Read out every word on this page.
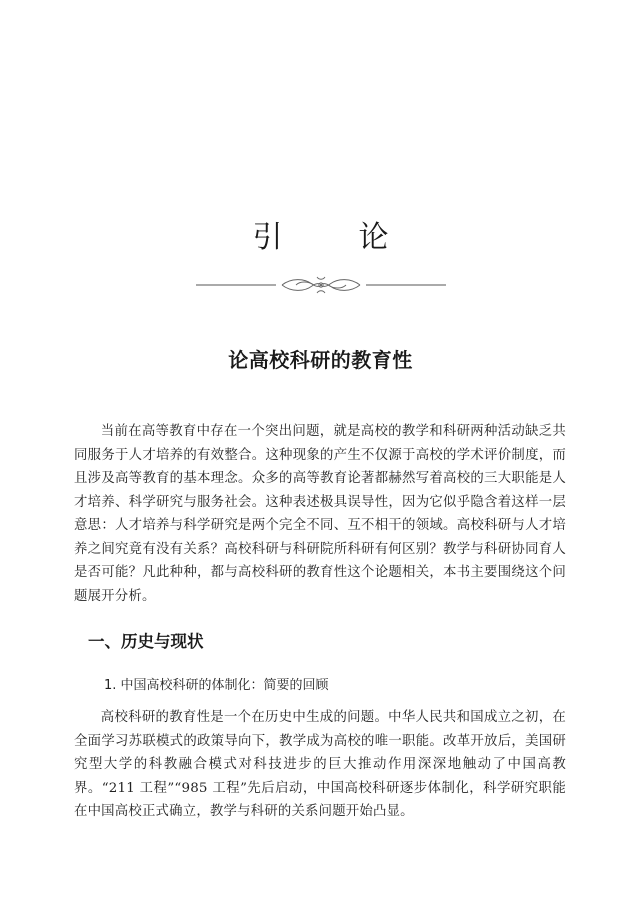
引	论
论高校科研的教育性

当前在高等教育中存在一个突出问题，就是高校的教学和科研两种活动缺乏共同服务于人才培养的有效整合。这种现象的产生不仅源于高校的学术评价制度，而且涉及高等教育的基本理念。众多的高等教育论著都赫然写着高校的三大职能是人才培养、科学研究与服务社会。这种表述极具误导性，因为它似乎隐含着这样一层意思：人才培养与科学研究是两个完全不同、互不相干的领域。高校科研与人才培养之间究竟有没有关系？高校科研与科研院所科研有何区别？教学与科研协同育人是否可能？凡此种种，都与高校科研的教育性这个论题相关，本书主要围绕这个问题展开分析。

一、历史与现状
1. 中国高校科研的体制化：简要的回顾

高校科研的教育性是一个在历史中生成的问题。中华人民共和国成立之初，在全面学习苏联模式的政策导向下，教学成为高校的唯一职能。改革开放后，美国研究型大学的科教融合模式对科技进步的巨大推动作用深深地触动了中国高教界。“211 工程”“985 工程”先后启动，中国高校科研逐步体制化，科学研究职能在中国高校正式确立，教学与科研的关系问题开始凸显。
